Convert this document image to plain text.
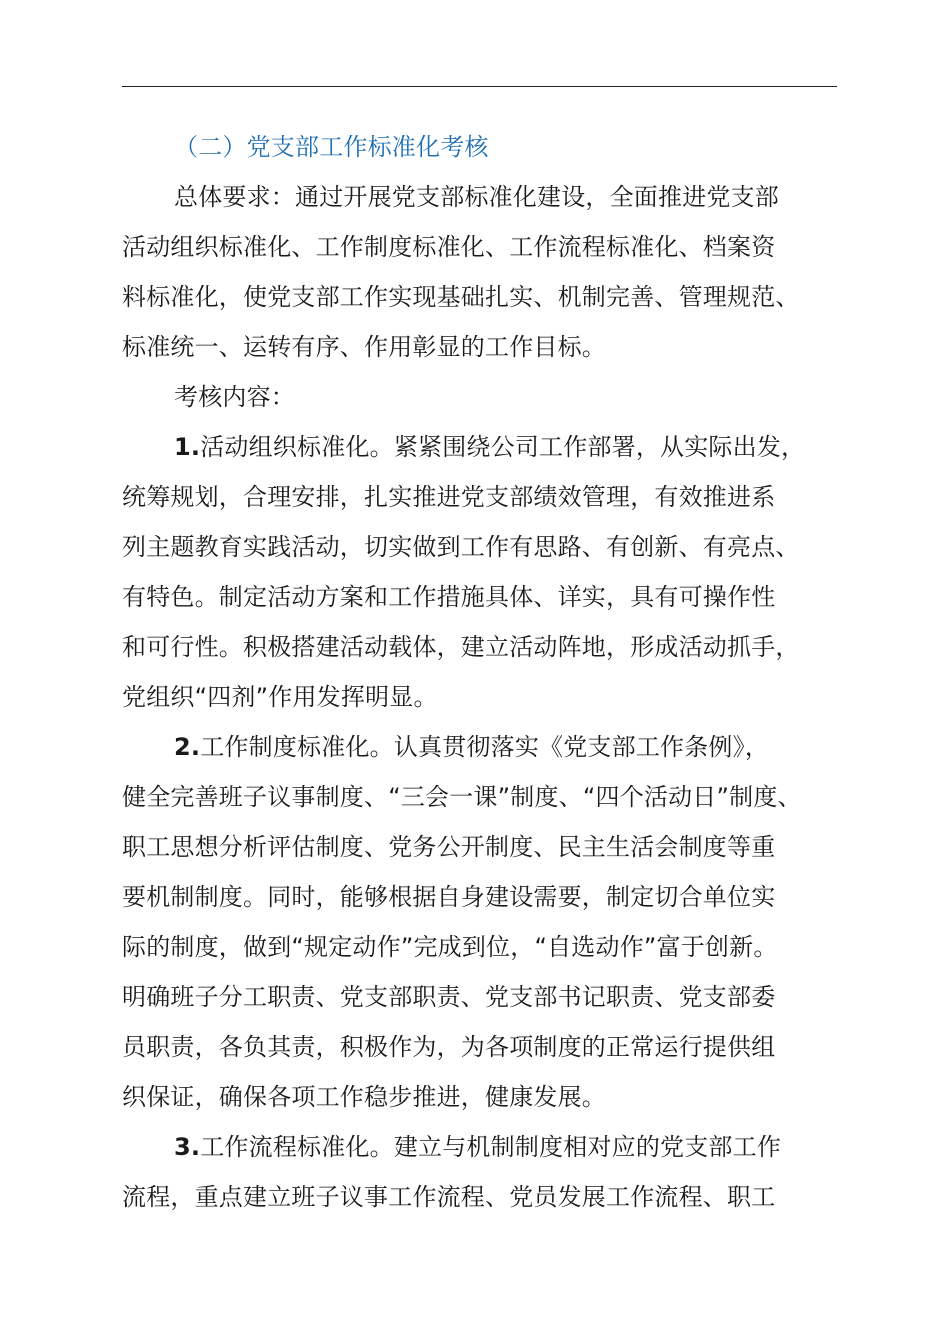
（二）党支部工作标准化考核
总体要求：通过开展党支部标准化建设，全面推进党支部
活动组织标准化、工作制度标准化、工作流程标准化、档案资
料标准化，使党支部工作实现基础扎实、机制完善、管理规范、
标准统一、运转有序、作用彰显的工作目标。
考核内容：
1.活动组织标准化。紧紧围绕公司工作部署，从实际出发，
统筹规划，合理安排，扎实推进党支部绩效管理，有效推进系
列主题教育实践活动，切实做到工作有思路、有创新、有亮点、
有特色。制定活动方案和工作措施具体、详实，具有可操作性
和可行性。积极搭建活动载体，建立活动阵地，形成活动抓手，
党组织“四剂”作用发挥明显。
2.工作制度标准化。认真贯彻落实《党支部工作条例》，
健全完善班子议事制度、“三会一课”制度、“四个活动日”制度、
职工思想分析评估制度、党务公开制度、民主生活会制度等重
要机制制度。同时，能够根据自身建设需要，制定切合单位实
际的制度，做到“规定动作”完成到位，“自选动作”富于创新。
明确班子分工职责、党支部职责、党支部书记职责、党支部委
员职责，各负其责，积极作为，为各项制度的正常运行提供组
织保证，确保各项工作稳步推进，健康发展。
3.工作流程标准化。建立与机制制度相对应的党支部工作
流程，重点建立班子议事工作流程、党员发展工作流程、职工
